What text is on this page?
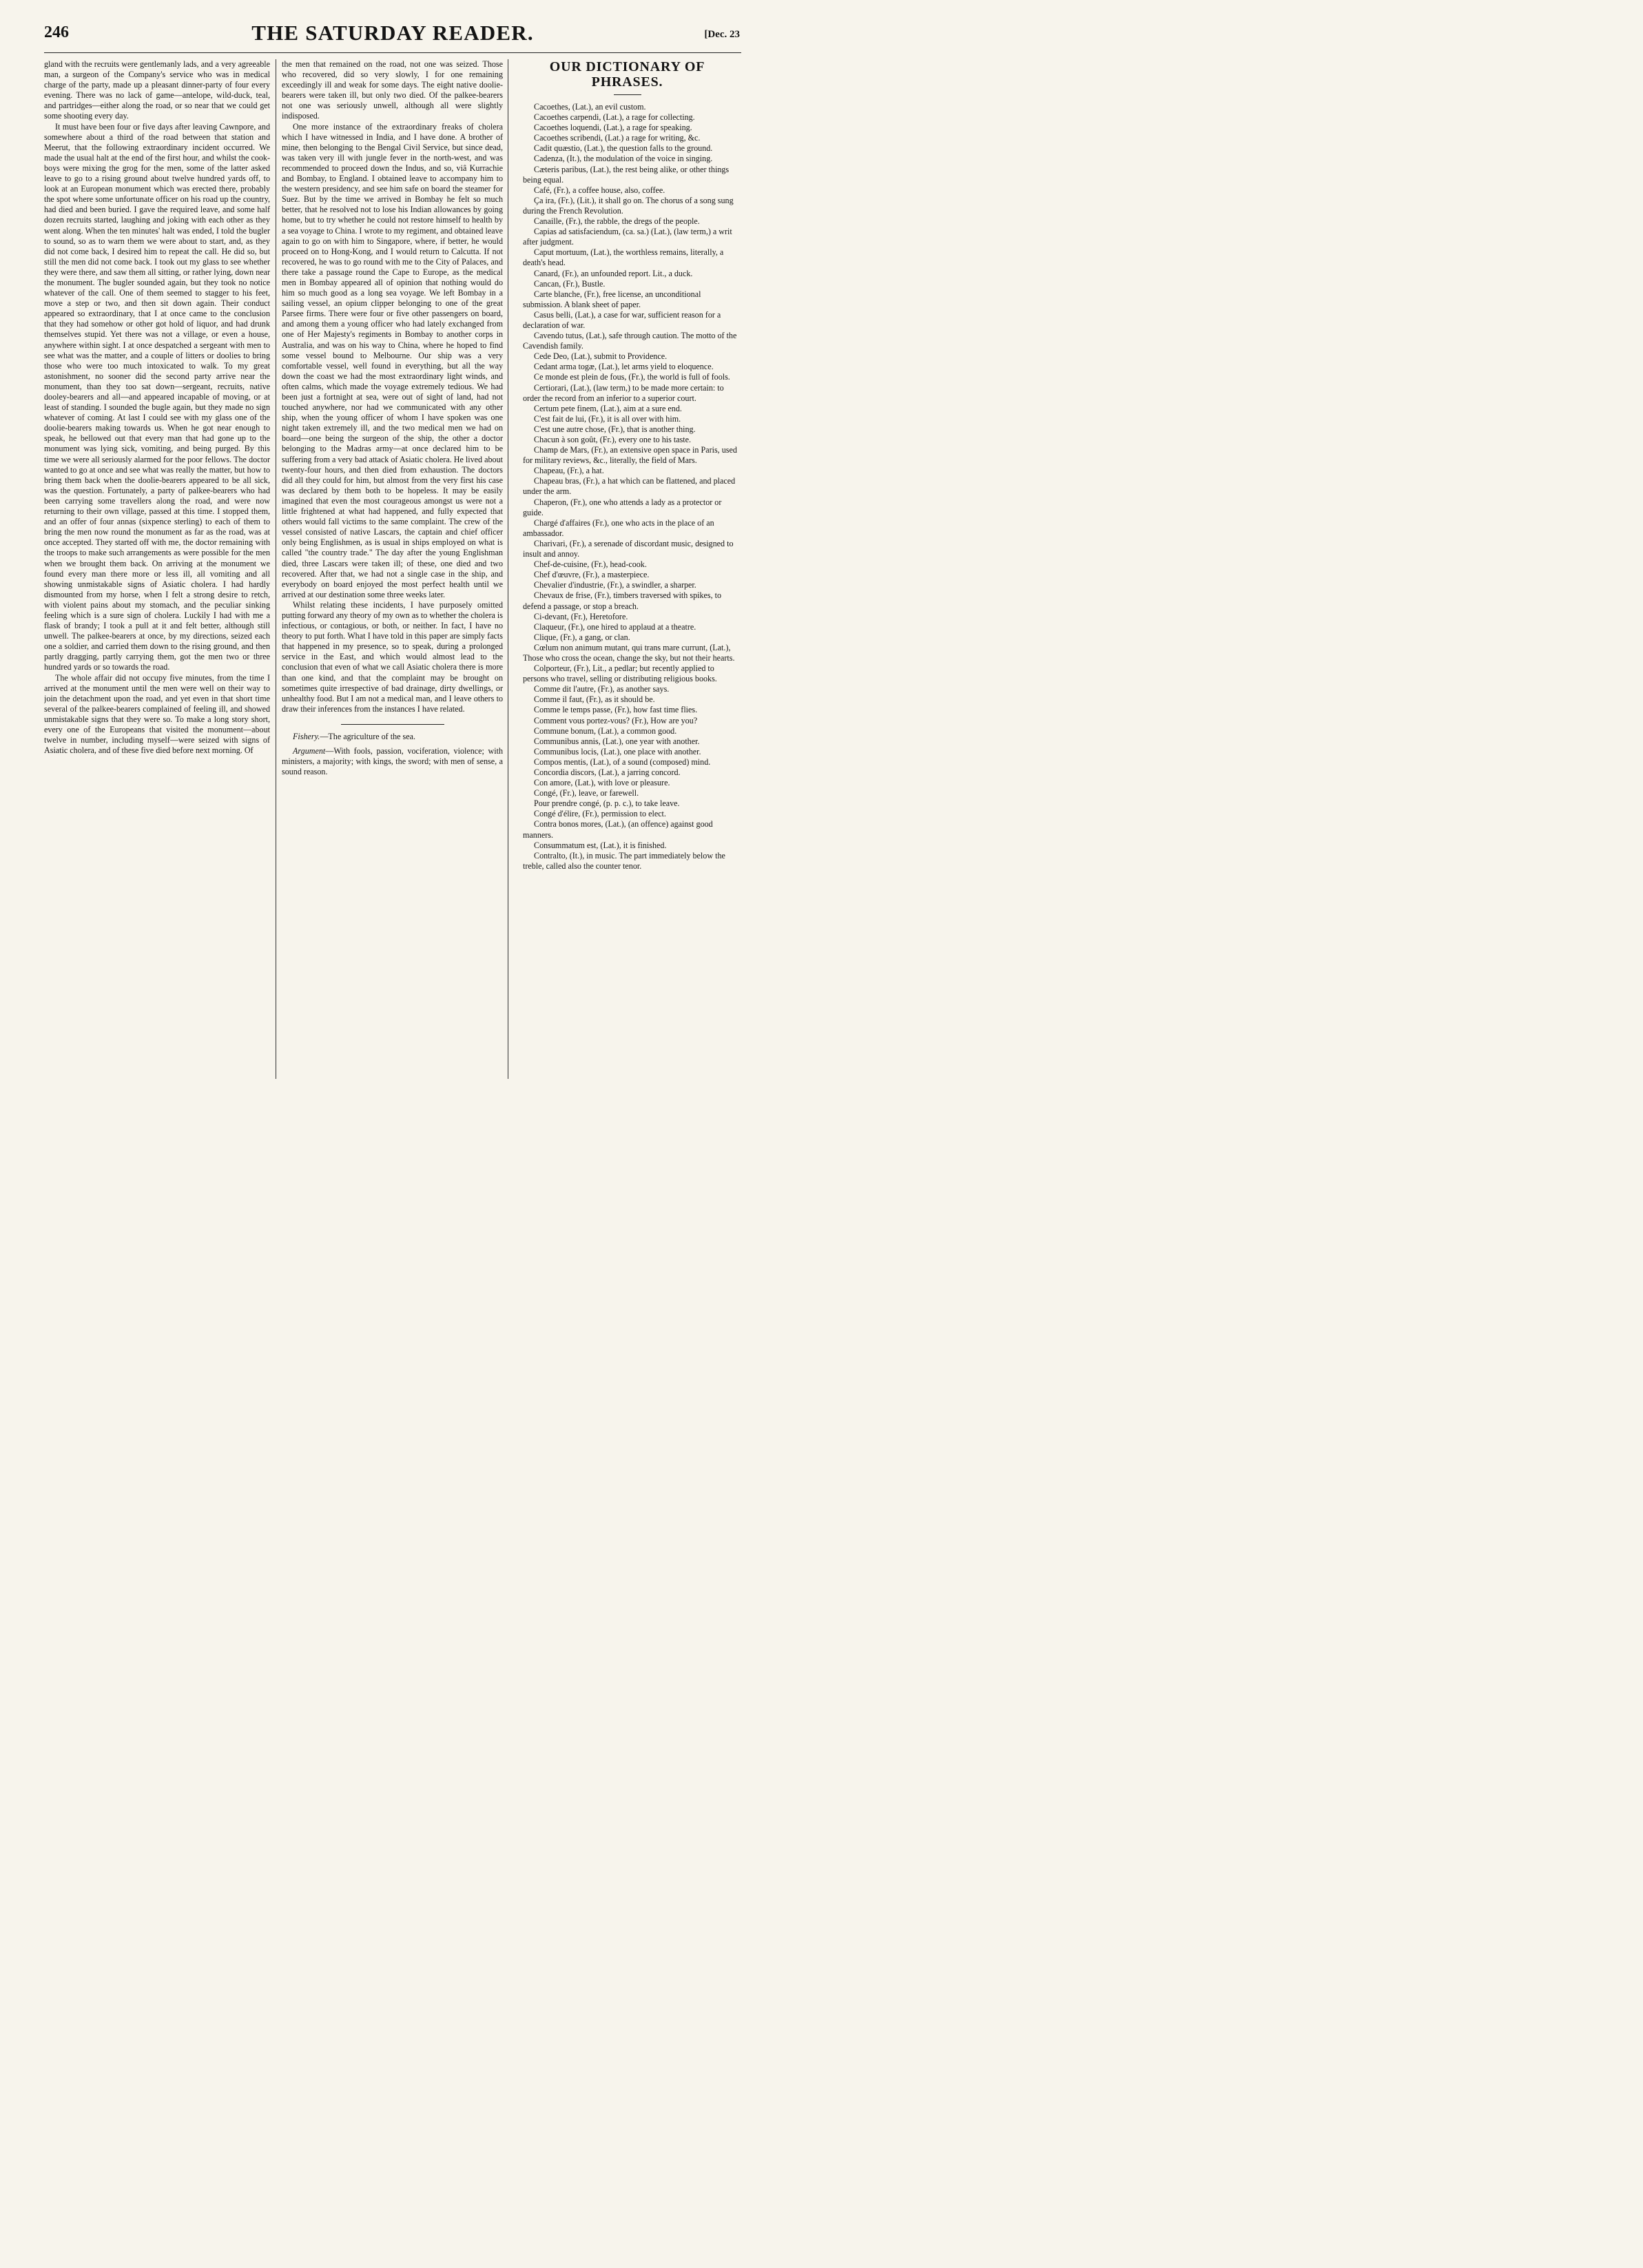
246	THE SATURDAY READER.	[Dec. 23

gland with the recruits were gentlemanly lads, and a very agreeable man, a surgeon of the Company's service who was in medical charge of the party, made up a pleasant dinner-party of four every evening. There was no lack of game—antelope, wild-duck, teal, and partridges—either along the road, or so near that we could get some shooting every day.

It must have been four or five days after leaving Cawnpore, and somewhere about a third of the road between that station and Meerut, that the following extraordinary incident occurred. We made the usual halt at the end of the first hour, and whilst the cook-boys were mixing the grog for the men, some of the latter asked leave to go to a rising ground about twelve hundred yards off, to look at an European monument which was erected there, probably the spot where some unfortunate officer on his road up the country, had died and been buried. I gave the required leave, and some half dozen recruits started, laughing and joking with each other as they went along. When the ten minutes' halt was ended, I told the bugler to sound, so as to warn them we were about to start, and, as they did not come back, I desired him to repeat the call. He did so, but still the men did not come back. I took out my glass to see whether they were there, and saw them all sitting, or rather lying, down near the monument. The bugler sounded again, but they took no notice whatever of the call. One of them seemed to stagger to his feet, move a step or two, and then sit down again. Their conduct appeared so extraordinary, that I at once came to the conclusion that they had somehow or other got hold of liquor, and had drunk themselves stupid. Yet there was not a village, or even a house, anywhere within sight. I at once despatched a sergeant with men to see what was the matter, and a couple of litters or doolies to bring those who were too much intoxicated to walk. To my great astonishment, no sooner did the second party arrive near the monument, than they too sat down—sergeant, recruits, native dooley-bearers and all—and appeared incapable of moving, or at least of standing. I sounded the bugle again, but they made no sign whatever of coming. At last I could see with my glass one of the doolie-bearers making towards us. When he got near enough to speak, he bellowed out that every man that had gone up to the monument was lying sick, vomiting, and being purged. By this time we were all seriously alarmed for the poor fellows. The doctor wanted to go at once and see what was really the matter, but how to bring them back when the doolie-bearers appeared to be all sick, was the question. Fortunately, a party of palkee-bearers who had been carrying some travellers along the road, and were now returning to their own village, passed at this time. I stopped them, and an offer of four annas (sixpence sterling) to each of them to bring the men now round the monument as far as the road, was at once accepted. They started off with me, the doctor remaining with the troops to make such arrangements as were possible for the men when we brought them back. On arriving at the monument we found every man there more or less ill, all vomiting and all showing unmistakable signs of Asiatic cholera. I had hardly dismounted from my horse, when I felt a strong desire to retch, with violent pains about my stomach, and the peculiar sinking feeling which is a sure sign of cholera. Luckily I had with me a flask of brandy; I took a pull at it and felt better, although still unwell. The palkee-bearers at once, by my directions, seized each one a soldier, and carried them down to the rising ground, and then partly dragging, partly carrying them, got the men two or three hundred yards or so towards the road.

The whole affair did not occupy five minutes, from the time I arrived at the monument until the men were well on their way to join the detachment upon the road, and yet even in that short time several of the palkee-bearers complained of feeling ill, and showed unmistakable signs that they were so. To make a long story short, every one of the Europeans that visited the monument—about twelve in number, including myself—were seized with signs of Asiatic cholera, and of these five died before next morning. Of

the men that remained on the road, not one was seized. Those who recovered, did so very slowly, I for one remaining exceedingly ill and weak for some days. The eight native doolie-bearers were taken ill, but only two died. Of the palkee-bearers not one was seriously unwell, although all were slightly indisposed.

One more instance of the extraordinary freaks of cholera which I have witnessed in India, and I have done. A brother of mine, then belonging to the Bengal Civil Service, but since dead, was taken very ill with jungle fever in the north-west, and was recommended to proceed down the Indus, and so, viâ Kurrachie and Bombay, to England. I obtained leave to accompany him to the western presidency, and see him safe on board the steamer for Suez. But by the time we arrived in Bombay he felt so much better, that he resolved not to lose his Indian allowances by going home, but to try whether he could not restore himself to health by a sea voyage to China. I wrote to my regiment, and obtained leave again to go on with him to Singapore, where, if better, he would proceed on to Hong-Kong, and I would return to Calcutta. If not recovered, he was to go round with me to the City of Palaces, and there take a passage round the Cape to Europe, as the medical men in Bombay appeared all of opinion that nothing would do him so much good as a long sea voyage. We left Bombay in a sailing vessel, an opium clipper belonging to one of the great Parsee firms. There were four or five other passengers on board, and among them a young officer who had lately exchanged from one of Her Majesty's regiments in Bombay to another corps in Australia, and was on his way to China, where he hoped to find some vessel bound to Melbourne. Our ship was a very comfortable vessel, well found in everything, but all the way down the coast we had the most extraordinary light winds, and often calms, which made the voyage extremely tedious. We had been just a fortnight at sea, were out of sight of land, had not touched anywhere, nor had we communicated with any other ship, when the young officer of whom I have spoken was one night taken extremely ill, and the two medical men we had on board—one being the surgeon of the ship, the other a doctor belonging to the Madras army—at once declared him to be suffering from a very bad attack of Asiatic cholera. He lived about twenty-four hours, and then died from exhaustion. The doctors did all they could for him, but almost from the very first his case was declared by them both to be hopeless. It may be easily imagined that even the most courageous amongst us were not a little frightened at what had happened, and fully expected that others would fall victims to the same complaint. The crew of the vessel consisted of native Lascars, the captain and chief officer only being Englishmen, as is usual in ships employed on what is called "the country trade." The day after the young Englishman died, three Lascars were taken ill; of these, one died and two recovered. After that, we had not a single case in the ship, and everybody on board enjoyed the most perfect health until we arrived at our destination some three weeks later.

Whilst relating these incidents, I have purposely omitted putting forward any theory of my own as to whether the cholera is infectious, or contagious, or both, or neither. In fact, I have no theory to put forth. What I have told in this paper are simply facts that happened in my presence, so to speak, during a prolonged service in the East, and which would almost lead to the conclusion that even of what we call Asiatic cholera there is more than one kind, and that the complaint may be brought on sometimes quite irrespective of bad drainage, dirty dwellings, or unhealthy food. But I am not a medical man, and I leave others to draw their inferences from the instances I have related.

Fishery.—The agriculture of the sea.

Argument—With fools, passion, vociferation, violence; with ministers, a majority; with kings, the sword; with men of sense, a sound reason.

OUR DICTIONARY OF PHRASES.

Cacoethes, (Lat.), an evil custom.

Cacoethes carpendi, (Lat.), a rage for collecting.

Cacoethes loquendi, (Lat.), a rage for speaking.

Cacoethes scribendi, (Lat.) a rage for writing, &c.

Cadit quæstio, (Lat.), the question falls to the ground.

Cadenza, (It.), the modulation of the voice in singing.

Cæteris paribus, (Lat.), the rest being alike, or other things being equal.

Café, (Fr.), a coffee house, also, coffee.

Ça ira, (Fr.), (Lit.), it shall go on. The chorus of a song sung during the French Revolution.

Canaille, (Fr.), the rabble, the dregs of the people.

Capias ad satisfaciendum, (ca. sa.) (Lat.), (law term,) a writ after judgment.

Caput mortuum, (Lat.), the worthless remains, literally, a death's head.

Canard, (Fr.), an unfounded report. Lit., a duck.

Cancan, (Fr.), Bustle.

Carte blanche, (Fr.), free license, an unconditional submission. A blank sheet of paper.

Casus belli, (Lat.), a case for war, sufficient reason for a declaration of war.

Cavendo tutus, (Lat.), safe through caution. The motto of the Cavendish family.

Cede Deo, (Lat.), submit to Providence.

Cedant arma togæ, (Lat.), let arms yield to eloquence.

Ce monde est plein de fous, (Fr.), the world is full of fools.

Certiorari, (Lat.), (law term,) to be made more certain: to order the record from an inferior to a superior court.

Certum pete finem, (Lat.), aim at a sure end.

C'est fait de lui, (Fr.), it is all over with him.

C'est une autre chose, (Fr.), that is another thing.

Chacun à son goût, (Fr.), every one to his taste.

Champ de Mars, (Fr.), an extensive open space in Paris, used for military reviews, &c., literally, the field of Mars.

Chapeau, (Fr.), a hat.

Chapeau bras, (Fr.), a hat which can be flattened, and placed under the arm.

Chaperon, (Fr.), one who attends a lady as a protector or guide.

Chargé d'affaires (Fr.), one who acts in the place of an ambassador.

Charivari, (Fr.), a serenade of discordant music, designed to insult and annoy.

Chef-de-cuisine, (Fr.), head-cook.

Chef d'œuvre, (Fr.), a masterpiece.

Chevalier d'industrie, (Fr.), a swindler, a sharper.

Chevaux de frise, (Fr.), timbers traversed with spikes, to defend a passage, or stop a breach.

Ci-devant, (Fr.), Heretofore.

Claqueur, (Fr.), one hired to applaud at a theatre.

Clique, (Fr.), a gang, or clan.

Cœlum non animum mutant, qui trans mare currunt, (Lat.), Those who cross the ocean, change the sky, but not their hearts.

Colporteur, (Fr.), Lit., a pedlar; but recently applied to persons who travel, selling or distributing religious books.

Comme dit l'autre, (Fr.), as another says.

Comme il faut, (Fr.), as it should be.

Comme le temps passe, (Fr.), how fast time flies.

Comment vous portez-vous? (Fr.), How are you?

Commune bonum, (Lat.), a common good.

Communibus annis, (Lat.), one year with another.

Communibus locis, (Lat.), one place with another.

Compos mentis, (Lat.), of a sound (composed) mind.

Concordia discors, (Lat.), a jarring concord.

Con amore, (Lat.), with love or pleasure.

Congé, (Fr.), leave, or farewell.

Pour prendre congé, (p. p. c.), to take leave.

Congé d'élire, (Fr.), permission to elect.

Contra bonos mores, (Lat.), (an offence) against good manners.

Consummatum est, (Lat.), it is finished.

Contralto, (It.), in music. The part immediately below the treble, called also the counter tenor.
